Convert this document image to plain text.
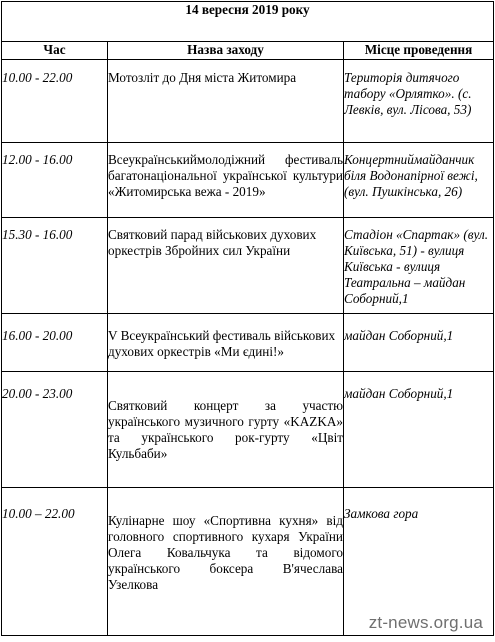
14 вересня 2019 року		
Час	Назва заходу	Місце проведення

10.00 - 22.00	Мотозліт до Дня міста Житомира	Територія дитячого табору «Орлятко». (с. Левків, вул. Лісова, 53)

12.00 - 16.00	Всеукраїнськиймолодіжний фестиваль багатонаціональної української культури «Житомирська вежа - 2019»	Концертниймайданчик біля Водонапірної вежі, (вул. Пушкінська, 26)

15.30 - 16.00	Святковий парад військових духових оркестрів Збройних сил України	Стадіон «Спартак» (вул. Київська, 51) - вулиця Київська - вулиця Театральна – майдан Соборний,1

16.00 - 20.00	V Всеукраїнський фестиваль військових духових оркестрів «Ми єдині!»	майдан Соборний,1

20.00 - 23.00	Святковий концерт за участю українського музичного гурту «KAZKA» та українського рок-гурту «Цвіт Кульбаби»	майдан Соборний,1

10.00 – 22.00	Кулінарне шоу «Спортивна кухня» від головного спортивного кухаря України Олега Ковальчука та відомого українського боксера В'ячеслава Узелкова	Замкова гора
zt-news.org.ua
